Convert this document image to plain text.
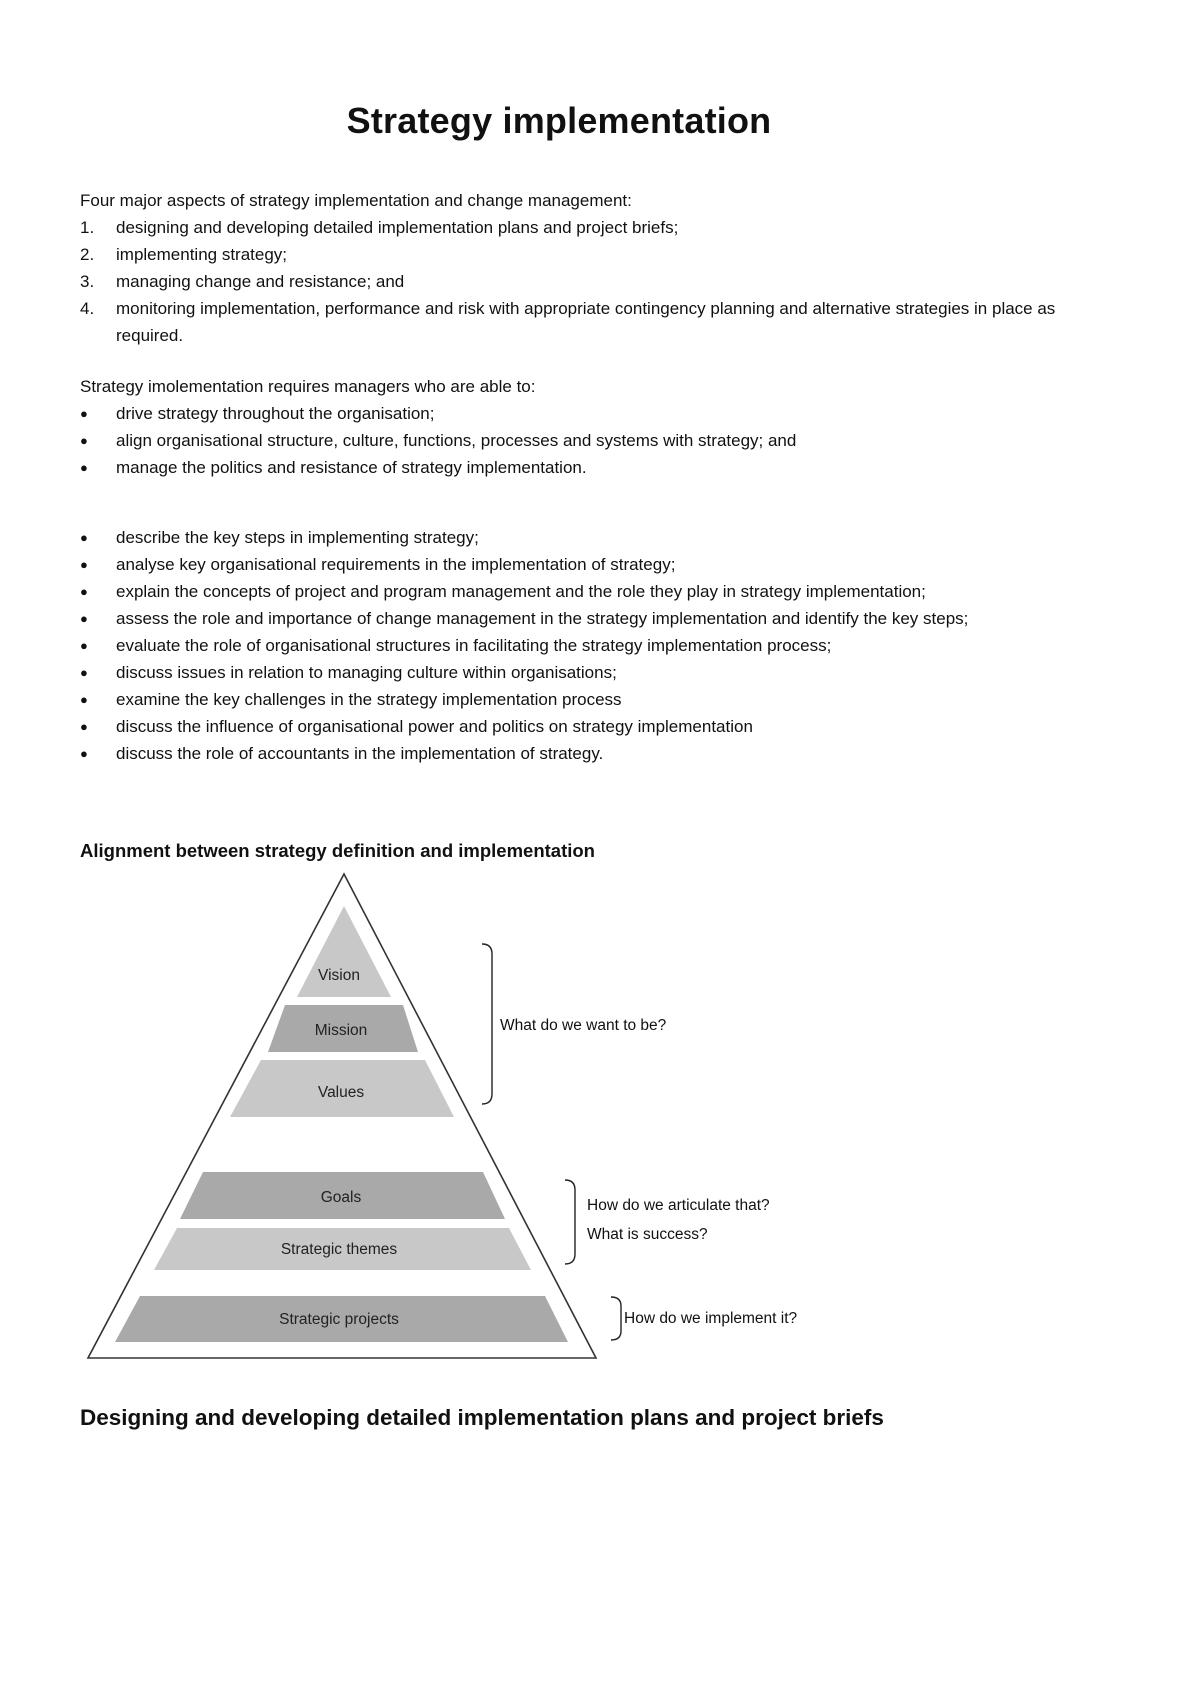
Strategy implementation

Four major aspects of strategy implementation and change management:

1.	designing and developing detailed implementation plans and project briefs;
2.	implementing strategy;
3.	managing change and resistance; and
4.	monitoring implementation, performance and risk with appropriate contingency planning and alternative strategies in place as required.

Strategy imolementation requires managers who are able to:

●	drive strategy throughout the organisation;
●	align organisational structure, culture, functions, processes and systems with strategy; and
●	manage the politics and resistance of strategy implementation.
●	describe the key steps in implementing strategy;
●	analyse key organisational requirements in the implementation of strategy;
●	explain the concepts of project and program management and the role they play in strategy implementation;
●	assess the role and importance of change management in the strategy implementation and identify the key steps;
●	evaluate the role of organisational structures in facilitating the strategy implementation process;
●	discuss issues in relation to managing culture within organisations;
●	examine the key challenges in the strategy implementation process
●	discuss the influence of organisational power and politics on strategy implementation
●	discuss the role of accountants in the implementation of strategy.
Alignment between strategy definition and implementation
Vision
Mission
Values
Goals
Strategic themes
Strategic projects
What do we want to be?
How do we articulate that?
What is success?
How do we implement it?
Designing and developing detailed implementation plans and project briefs
